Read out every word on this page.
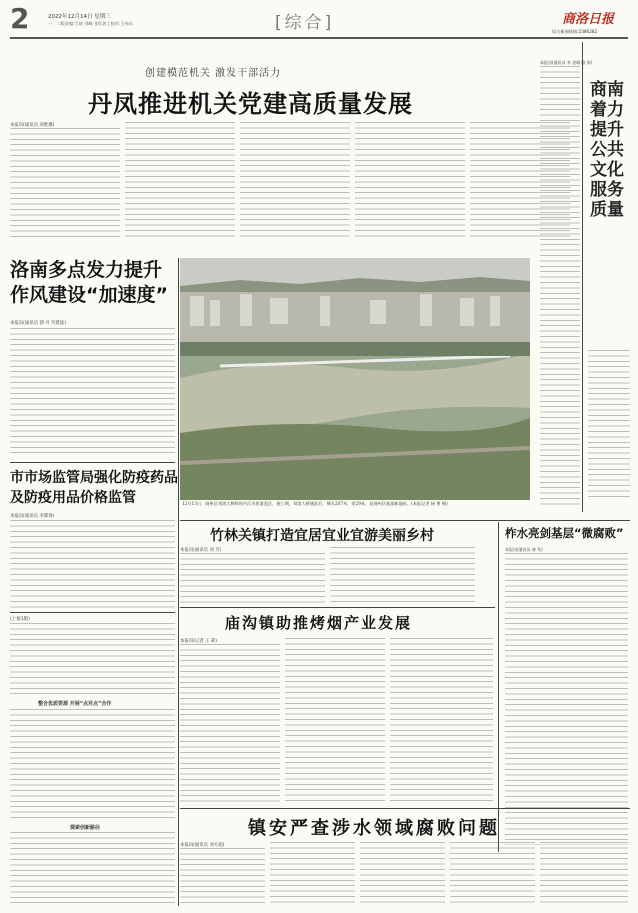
2	2022年12月14日 星期三
一、二版责编:吕斌 刘峰 张红波 | 校对:王伟东	[综合]	商洛日报
综合新闻热线:2386282
创建模范机关 激发干部活力
丹凤推进机关党建高质量发展
本报讯(通讯员 刘胜珊)
本报讯(通讯员 李 金城 路 涛)
商南着力提升公共文化服务质量
洛南多点发力提升
作风建设“加速度”
本报讯(通讯员 郭 丹 毕建波)
12月13日，商州区刘湾大桥畔的丹江风景游览区，施工期，刘湾大桥通此后，舞长207米，宽29米，是商州区旅游新地标。(本报记者 杨 曾 摄)
市市场监管局强化防疫药品
及防疫用品价格监管
本报讯(通讯员 李郁琦)
竹林关镇打造宜居宜业宜游美丽乡村
本报讯(通讯员 刘 芳)
柞水亮剑基层“微腐败”
本报讯(通讯员 康 军)
(上接1版)
整合优质资源 开展“点对点”合作
探索创新路径
庙沟镇助推烤烟产业发展
本报讯(记者 王 莉)
镇安严查涉水领域腐败问题
本报讯(通讯员 刘方超)
